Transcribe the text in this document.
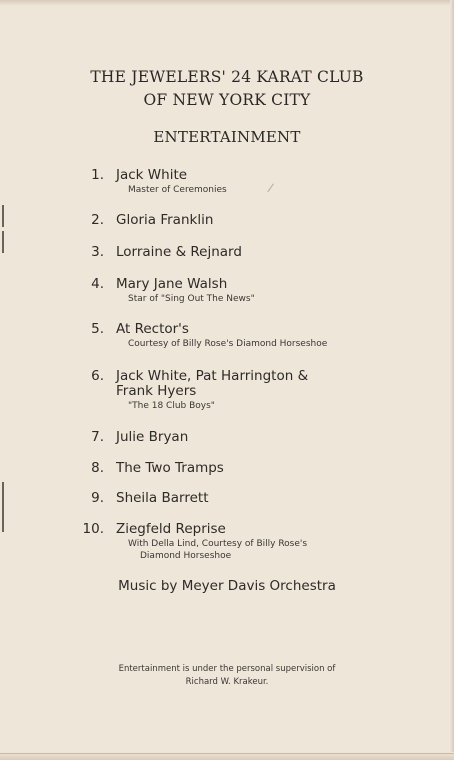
THE JEWELERS' 24 KARAT CLUB
OF NEW YORK CITY
ENTERTAINMENT
1. Jack White
Master of Ceremonies
2. Gloria Franklin
3. Lorraine & Rejnard
4. Mary Jane Walsh
Star of "Sing Out The News"
5. At Rector's
Courtesy of Billy Rose's Diamond Horseshoe
6. Jack White, Pat Harrington &
Frank Hyers
"The 18 Club Boys"
7. Julie Bryan
8. The Two Tramps
9. Sheila Barrett
10. Ziegfeld Reprise
With Della Lind, Courtesy of Billy Rose's
Diamond Horseshoe
Music by Meyer Davis Orchestra
Entertainment is under the personal supervision of
Richard W. Krakeur.
